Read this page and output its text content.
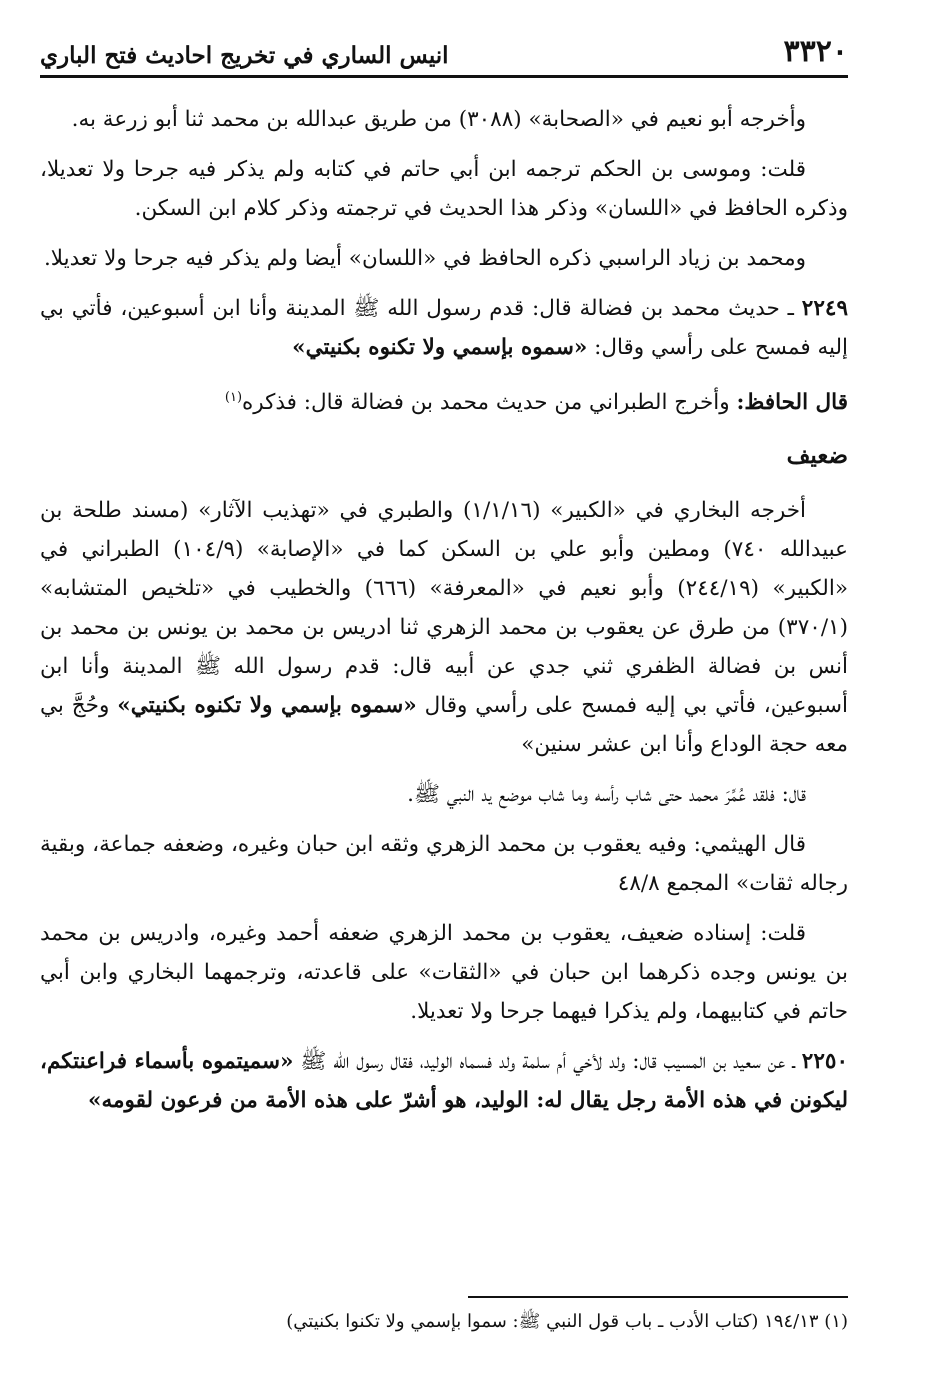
٣٣٢٠
انيس الساري في تخريج احاديث فتح الباري

وأخرجه أبو نعيم في «الصحابة» (٣٠٨٨) من طريق عبدالله بن محمد ثنا أبو زرعة به.

قلت: وموسى بن الحكم ترجمه ابن أبي حاتم في كتابه ولم يذكر فيه جرحا ولا تعديلا، وذكره الحافظ في «اللسان» وذكر هذا الحديث في ترجمته وذكر كلام ابن السكن.

ومحمد بن زياد الراسبي ذكره الحافظ في «اللسان» أيضا ولم يذكر فيه جرحا ولا تعديلا.

٢٢٤٩ ـ حديث محمد بن فضالة قال: قدم رسول الله ﷺ المدينة وأنا ابن أسبوعين، فأتي بي إليه فمسح على رأسي وقال: «سموه بإسمي ولا تكنوه بكنيتي»

قال الحافظ: وأخرج الطبراني من حديث محمد بن فضالة قال: فذكره$^{(١)}$

ضعيف

أخرجه البخاري في «الكبير» (١/١/١٦) والطبري في «تهذيب الآثار» (مسند طلحة بن عبيدالله ٧٤٠) ومطين وأبو علي بن السكن كما في «الإصابة» (١٠٤/٩) الطبراني في «الكبير» (٢٤٤/١٩) وأبو نعيم في «المعرفة» (٦٦٦) والخطيب في «تلخيص المتشابه» (٣٧٠/١) من طرق عن يعقوب بن محمد الزهري ثنا ادريس بن محمد بن يونس بن محمد بن أنس بن فضالة الظفري ثني جدي عن أبيه قال: قدم رسول الله ﷺ المدينة وأنا ابن أسبوعين، فأتي بي إليه فمسح على رأسي وقال «سموه بإسمي ولا تكنوه بكنيتي» وحُجَّ بي معه حجة الوداع وأنا ابن عشر سنين»

قال: فلقد عُمِّرَ محمد حتى شاب رأسه وما شاب موضع يد النبي ﷺ.

قال الهيثمي: وفيه يعقوب بن محمد الزهري وثقه ابن حبان وغيره، وضعفه جماعة، وبقية رجاله ثقات» المجمع ٤٨/٨

قلت: إسناده ضعيف، يعقوب بن محمد الزهري ضعفه أحمد وغيره، وادريس بن محمد بن يونس وجده ذكرهما ابن حبان في «الثقات» على قاعدته، وترجمهما البخاري وابن أبي حاتم في كتابيهما، ولم يذكرا فيهما جرحا ولا تعديلا.

٢٢٥٠ ـ عن سعيد بن المسيب قال: ولد لأخي أم سلمة ولد فسماه الوليد، فقال رسول الله ﷺ «سميتموه بأسماء فراعنتكم، ليكونن في هذه الأمة رجل يقال له: الوليد، هو أشرّ على هذه الأمة من فرعون لقومه»

(١) ١٩٤/١٣ (كتاب الأدب ـ باب قول النبي ﷺ: سموا بإسمي ولا تكنوا بكنيتي)
